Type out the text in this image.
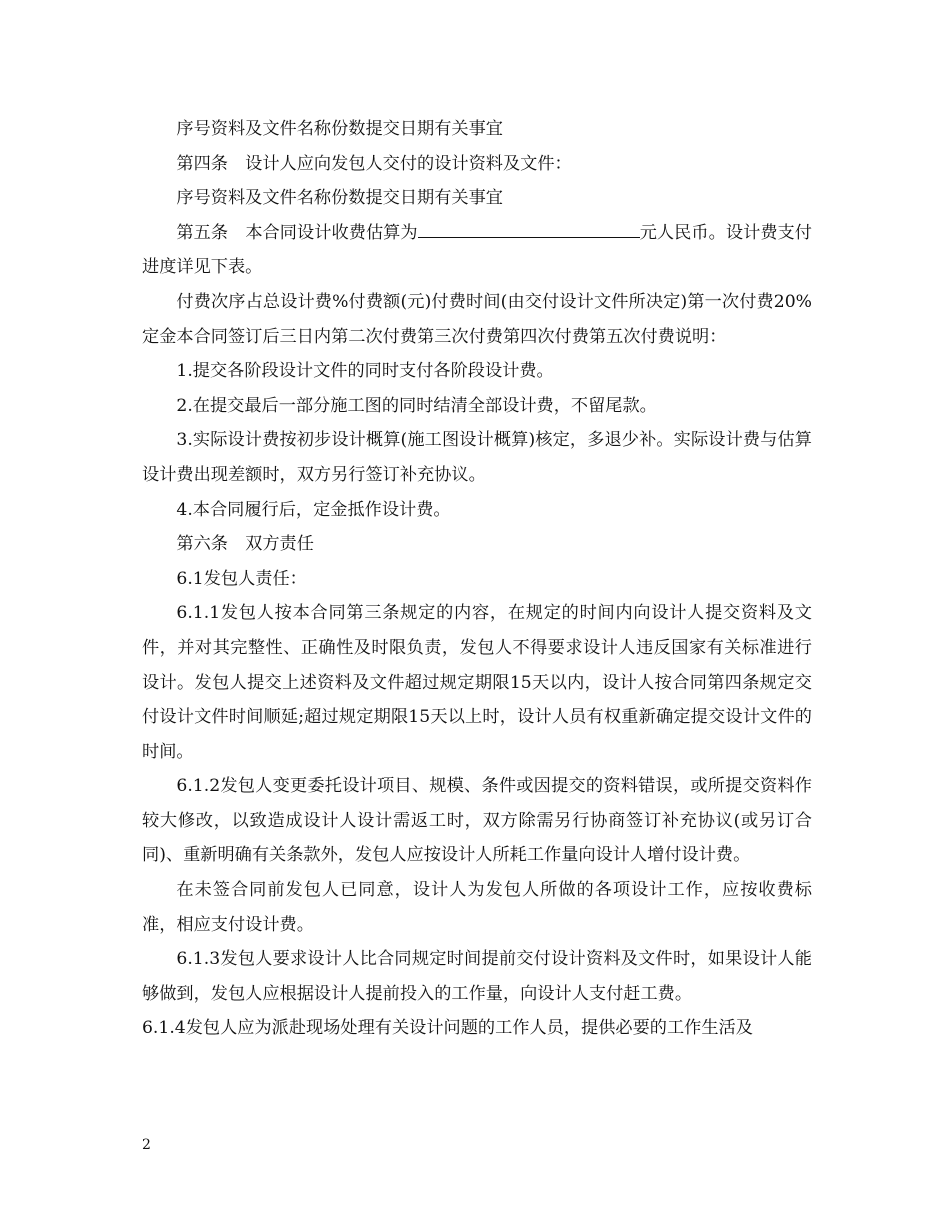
序号资料及文件名称份数提交日期有关事宜

第四条　设计人应向发包人交付的设计资料及文件：

序号资料及文件名称份数提交日期有关事宜

第五条　本合同设计收费估算为	元人民币。设计费支付进度详见下表。

付费次序占总设计费%付费额(元)付费时间(由交付设计文件所决定)第一次付费20%定金本合同签订后三日内第二次付费第三次付费第四次付费第五次付费说明：

1.提交各阶段设计文件的同时支付各阶段设计费。

2.在提交最后一部分施工图的同时结清全部设计费，不留尾款。

3.实际设计费按初步设计概算(施工图设计概算)核定，多退少补。实际设计费与估算设计费出现差额时，双方另行签订补充协议。

4.本合同履行后，定金抵作设计费。

第六条　双方责任

6.1发包人责任：

6.1.1发包人按本合同第三条规定的内容，在规定的时间内向设计人提交资料及文件，并对其完整性、正确性及时限负责，发包人不得要求设计人违反国家有关标准进行设计。发包人提交上述资料及文件超过规定期限15天以内，设计人按合同第四条规定交付设计文件时间顺延;超过规定期限15天以上时，设计人员有权重新确定提交设计文件的时间。

6.1.2发包人变更委托设计项目、规模、条件或因提交的资料错误，或所提交资料作较大修改，以致造成设计人设计需返工时，双方除需另行协商签订补充协议(或另订合同)、重新明确有关条款外，发包人应按设计人所耗工作量向设计人增付设计费。

在未签合同前发包人已同意，设计人为发包人所做的各项设计工作，应按收费标准，相应支付设计费。

6.1.3发包人要求设计人比合同规定时间提前交付设计资料及文件时，如果设计人能够做到，发包人应根据设计人提前投入的工作量，向设计人支付赶工费。

6.1.4发包人应为派赴现场处理有关设计问题的工作人员，提供必要的工作生活及

2
